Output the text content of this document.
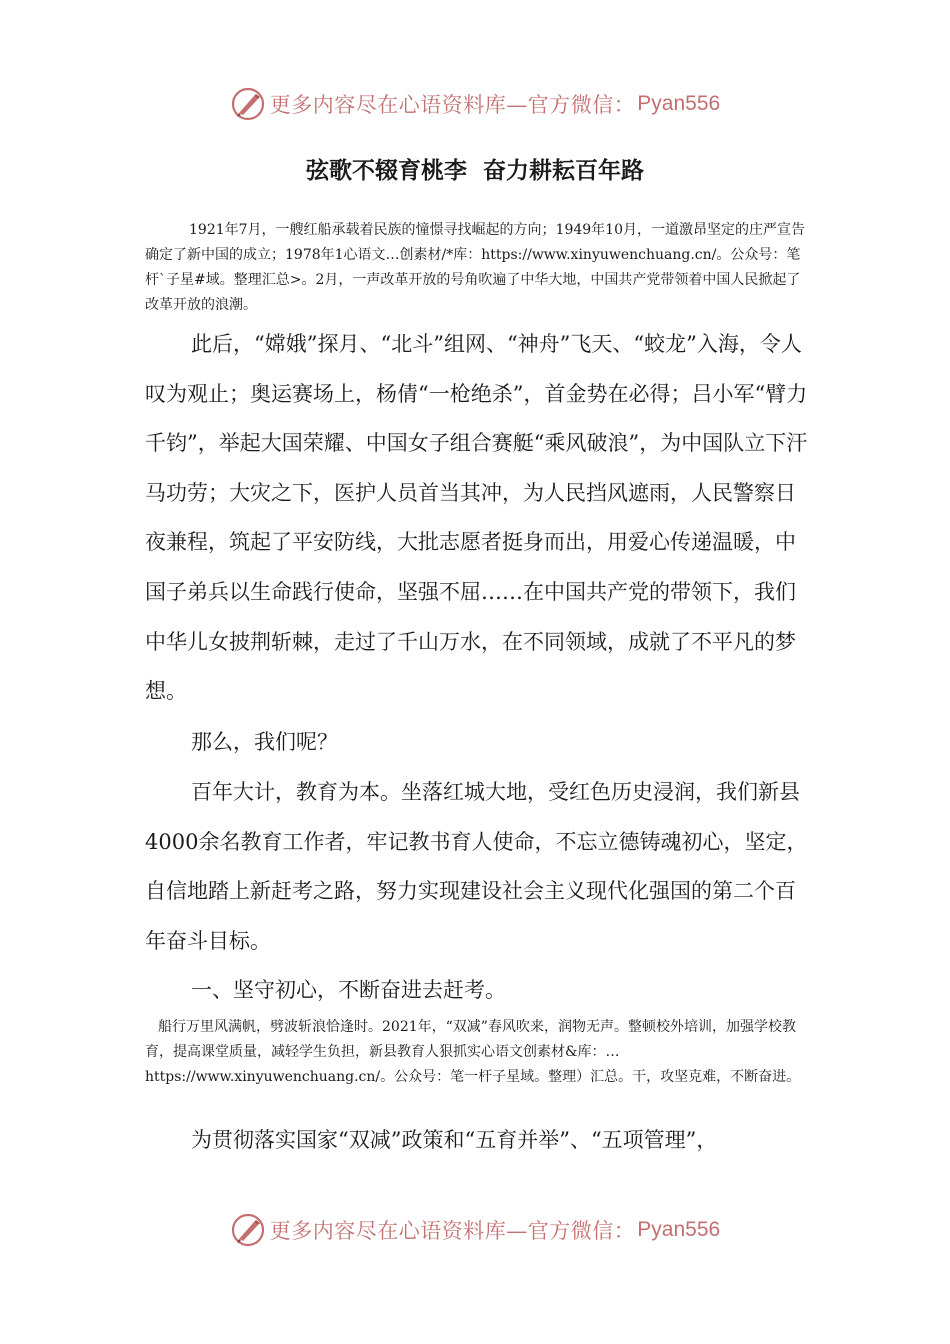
更多内容尽在心语资料库—官方微信： Pyan556
弦歌不辍育桃李  奋力耕耘百年路

1921年7月，一艘红船承载着民族的憧憬寻找崛起的方向；1949年10月，一道激昂坚定的庄严宣告确定了新中国的成立；1978年1心语文…创素材/*库：https://www.xinyuwenchuang.cn/。公众号：笔杆`子星#域。整理汇总>。2月，一声改革开放的号角吹遍了中华大地，中国共产党带领着中国人民掀起了改革开放的浪潮。

此后，“嫦娥”探月、“北斗”组网、“神舟”飞天、“蛟龙”入海，令人叹为观止；奥运赛场上，杨倩“一枪绝杀”，首金势在必得；吕小军“臂力千钧”，举起大国荣耀、中国女子组合赛艇“乘风破浪”，为中国队立下汗马功劳；大灾之下，医护人员首当其冲，为人民挡风遮雨，人民警察日夜兼程，筑起了平安防线，大批志愿者挺身而出，用爱心传递温暖，中国子弟兵以生命践行使命，坚强不屈……在中国共产党的带领下，我们中华儿女披荆斩棘，走过了千山万水，在不同领域，成就了不平凡的梦想。

那么，我们呢？

百年大计，教育为本。坐落红城大地，受红色历史浸润，我们新县4000余名教育工作者，牢记教书育人使命，不忘立德铸魂初心，坚定，自信地踏上新赶考之路，努力实现建设社会主义现代化强国的第二个百年奋斗目标。

一、坚守初心，不断奋进去赶考。

船行万里风满帆，劈波斩浪恰逢时。2021年，“双减”春风吹来，润物无声。整顿校外培训，加强学校教育，提高课堂质量，减轻学生负担，新县教育人狠抓实心语文创素材&库：…https://www.xinyuwenchuang.cn/。公众号：笔一杆子星域。整理）汇总。干，攻坚克难，不断奋进。

为贯彻落实国家“双减”政策和“五育并举”、“五项管理”，

更多内容尽在心语资料库—官方微信： Pyan556
